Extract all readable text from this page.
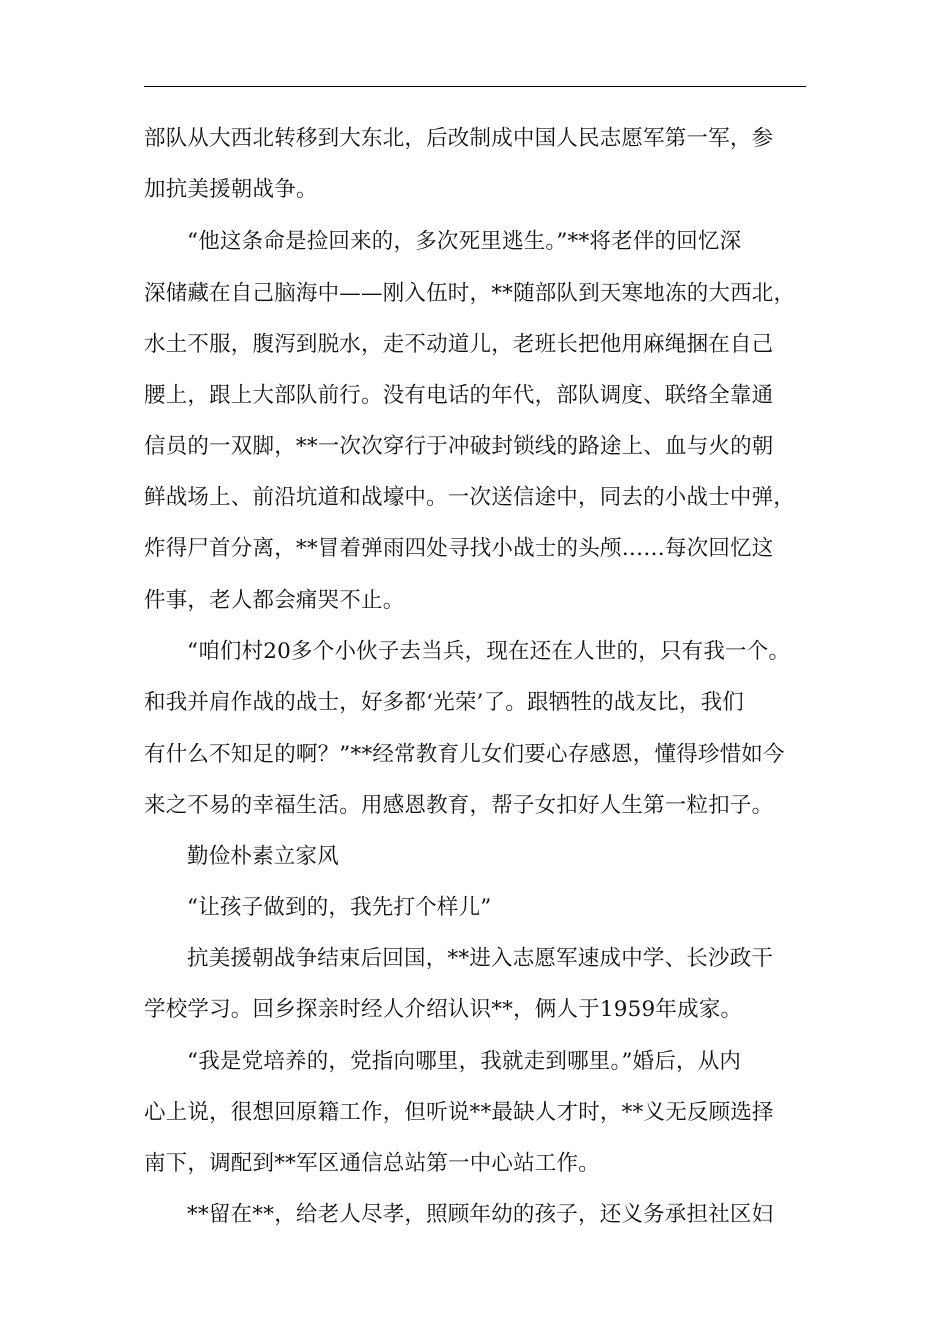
部队从大西北转移到大东北，后改制成中国人民志愿军第一军，参

加抗美援朝战争。

“他这条命是捡回来的，多次死里逃生。”**将老伴的回忆深

深储藏在自己脑海中——刚入伍时，**随部队到天寒地冻的大西北，

水土不服，腹泻到脱水，走不动道儿，老班长把他用麻绳捆在自己

腰上，跟上大部队前行。没有电话的年代，部队调度、联络全靠通

信员的一双脚，**一次次穿行于冲破封锁线的路途上、血与火的朝

鲜战场上、前沿坑道和战壕中。一次送信途中，同去的小战士中弹，

炸得尸首分离，**冒着弹雨四处寻找小战士的头颅……每次回忆这

件事，老人都会痛哭不止。

“咱们村20多个小伙子去当兵，现在还在人世的，只有我一个。

和我并肩作战的战士，好多都‘光荣’了。跟牺牲的战友比，我们

有什么不知足的啊？”**经常教育儿女们要心存感恩，懂得珍惜如今

来之不易的幸福生活。用感恩教育，帮子女扣好人生第一粒扣子。

勤俭朴素立家风

“让孩子做到的，我先打个样儿”

抗美援朝战争结束后回国，**进入志愿军速成中学、长沙政干

学校学习。回乡探亲时经人介绍认识**，俩人于1959年成家。

“我是党培养的，党指向哪里，我就走到哪里。”婚后，从内

心上说，很想回原籍工作，但听说**最缺人才时，**义无反顾选择

南下，调配到**军区通信总站第一中心站工作。

**留在**，给老人尽孝，照顾年幼的孩子，还义务承担社区妇
